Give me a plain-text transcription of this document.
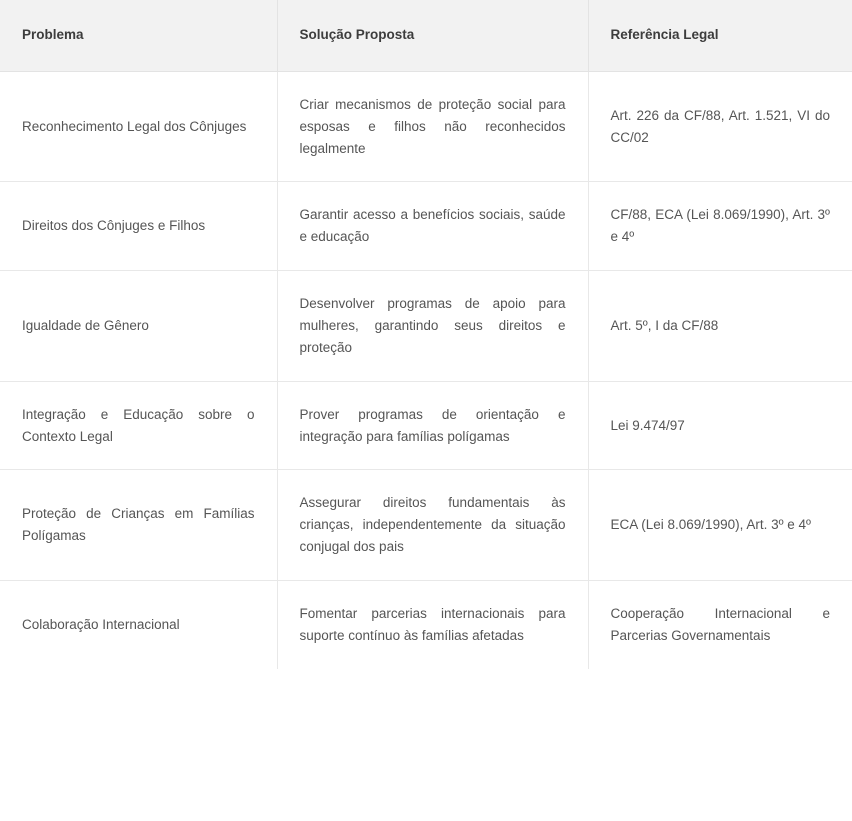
Problema	Solução Proposta	Referência Legal
Reconhecimento Legal dos Cônjuges	Criar mecanismos de proteção social para esposas e filhos não reconhecidos legalmente	Art. 226 da CF/88, Art. 1.521, VI do CC/02
Direitos dos Cônjuges e Filhos	Garantir acesso a benefícios sociais, saúde e educação	CF/88, ECA (Lei 8.069/1990), Art. 3º e 4º
Igualdade de Gênero	Desenvolver programas de apoio para mulheres, garantindo seus direitos e proteção	Art. 5º, I da CF/88
Integração e Educação sobre o Contexto Legal	Prover programas de orientação e integração para famílias polígamas	Lei 9.474/97
Proteção de Crianças em Famílias Polígamas	Assegurar direitos fundamentais às crianças, independentemente da situação conjugal dos pais	ECA (Lei 8.069/1990), Art. 3º e 4º
Colaboração Internacional	Fomentar parcerias internacionais para suporte contínuo às famílias afetadas	Cooperação Internacional e Parcerias Governamentais
